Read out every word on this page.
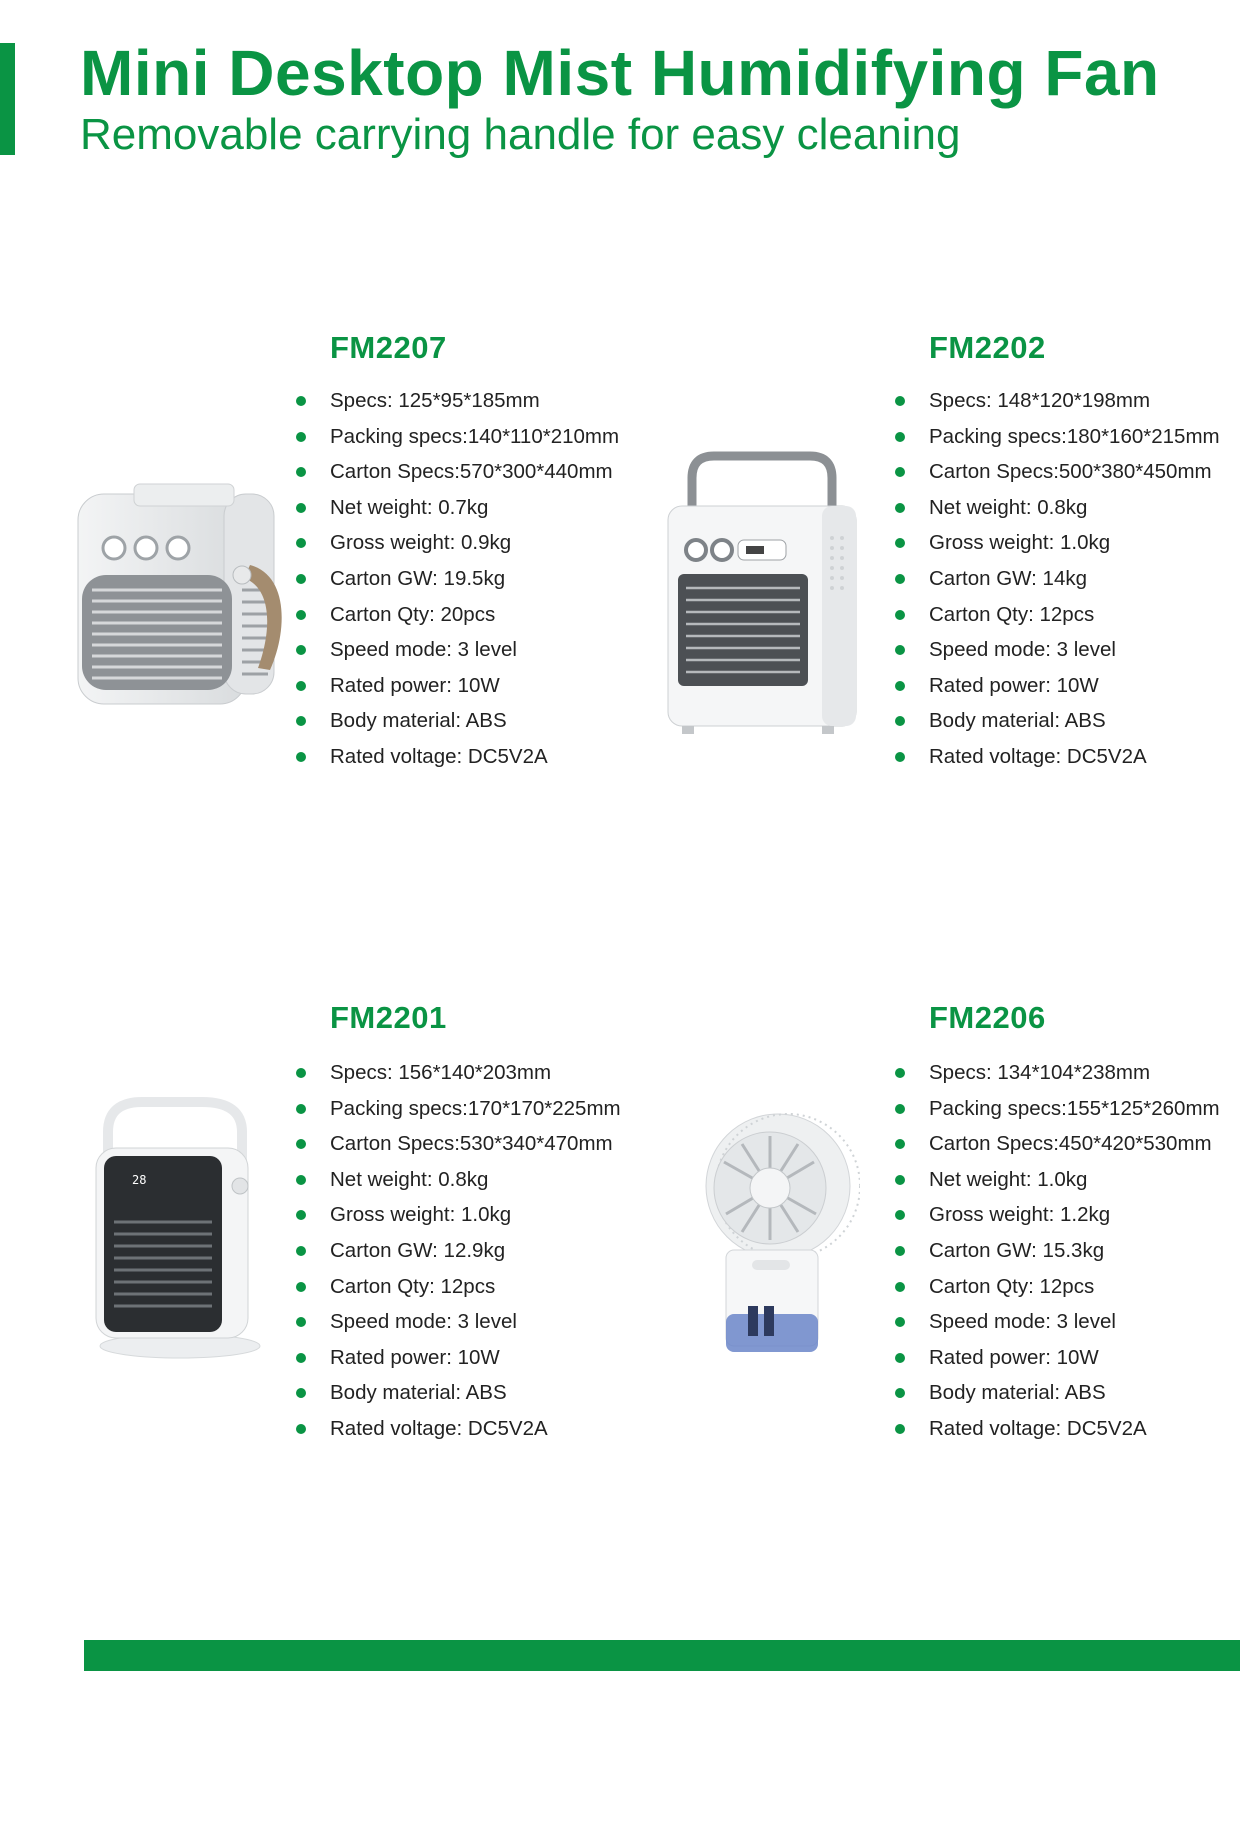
Mini Desktop Mist Humidifying Fan
Removable carrying handle for easy cleaning
FM2207
Specs: 125*95*185mm
Packing specs:140*110*210mm
Carton Specs:570*300*440mm
Net weight: 0.7kg
Gross weight: 0.9kg
Carton GW: 19.5kg
Carton Qty: 20pcs
Speed mode: 3 level
Rated power: 10W
Body material: ABS
Rated voltage: DC5V2A
FM2202
Specs: 148*120*198mm
Packing specs:180*160*215mm
Carton Specs:500*380*450mm
Net weight: 0.8kg
Gross weight: 1.0kg
Carton GW: 14kg
Carton Qty: 12pcs
Speed mode: 3 level
Rated power: 10W
Body material: ABS
Rated voltage: DC5V2A
28
FM2201
Specs: 156*140*203mm
Packing specs:170*170*225mm
Carton Specs:530*340*470mm
Net weight: 0.8kg
Gross weight: 1.0kg
Carton GW: 12.9kg
Carton Qty: 12pcs
Speed mode: 3 level
Rated power: 10W
Body material: ABS
Rated voltage: DC5V2A
FM2206
Specs: 134*104*238mm
Packing specs:155*125*260mm
Carton Specs:450*420*530mm
Net weight: 1.0kg
Gross weight: 1.2kg
Carton GW: 15.3kg
Carton Qty: 12pcs
Speed mode: 3 level
Rated power: 10W
Body material: ABS
Rated voltage: DC5V2A
